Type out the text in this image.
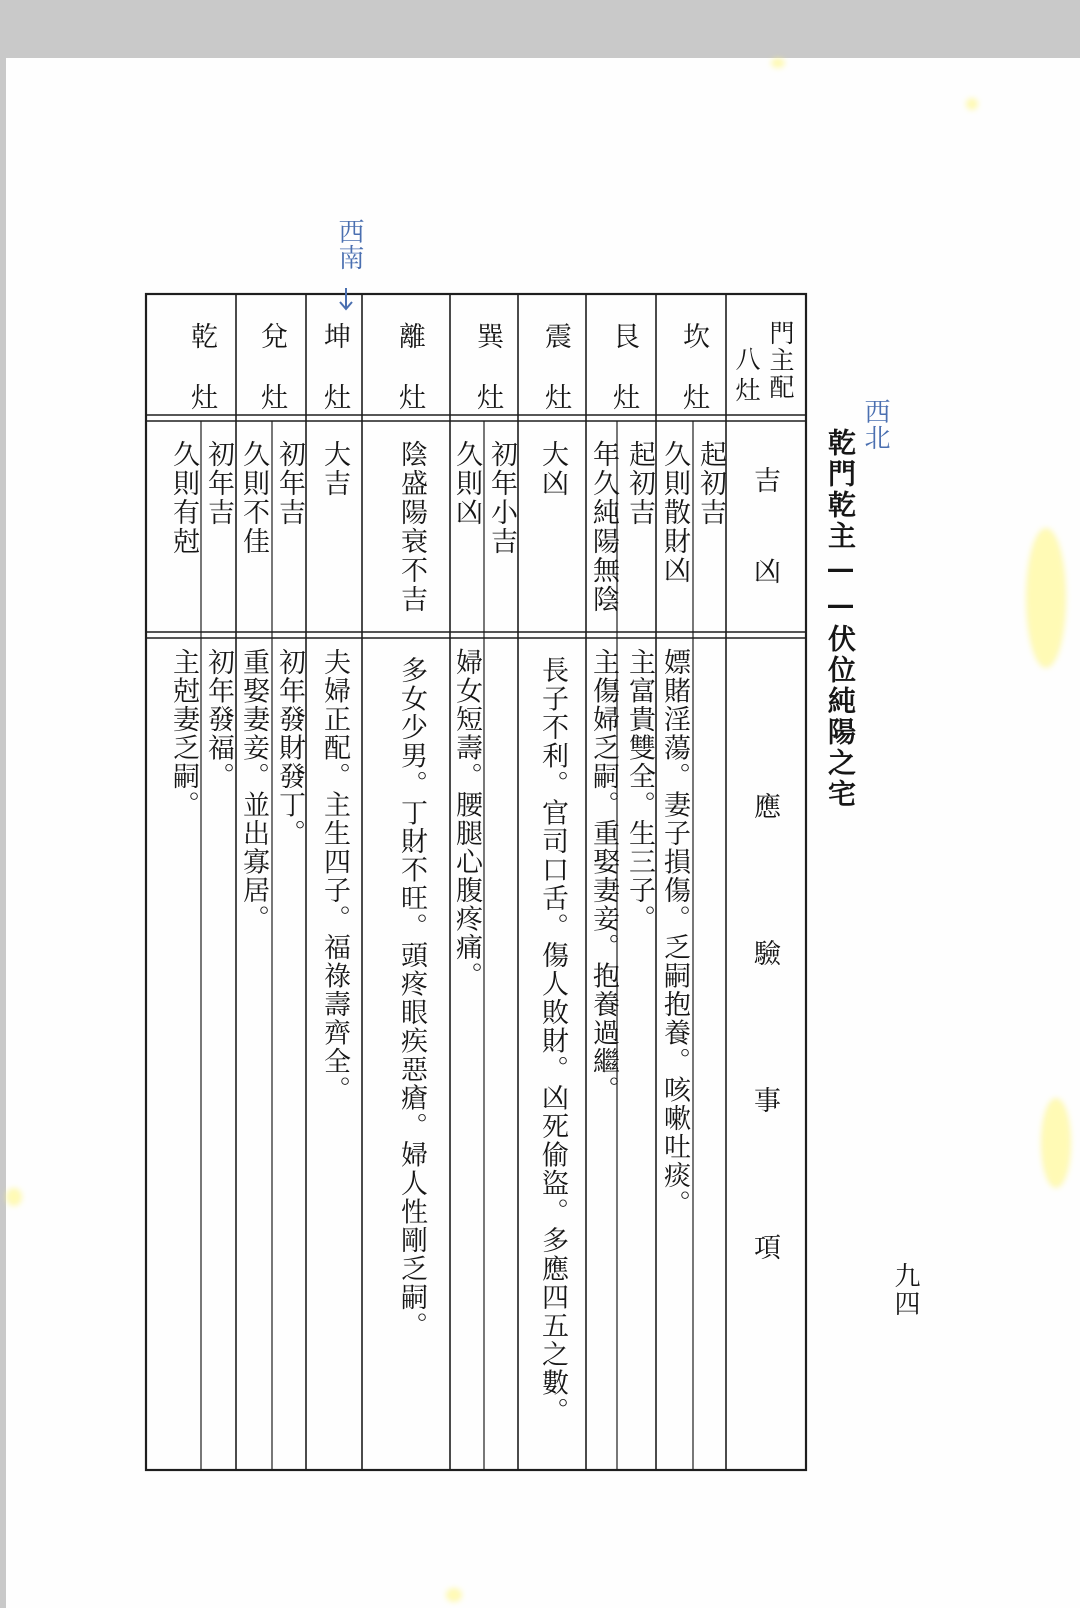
乾門乾主——伏位純陽之宅
九四
西北
西南
門主配
八灶
吉凶
應驗事項
坎灶
艮灶
震灶
巽灶
離灶
坤灶
兌灶
乾灶
起初吉
久則散財凶
起初吉
年久純陽無陰
大凶
初年小吉
久則凶
陰盛陽衰不吉
大吉
初年吉
久則不佳
初年吉
久則有尅
嫖賭淫蕩。妻子損傷。乏嗣抱養。咳嗽吐痰。
主富貴雙全。生三子。
主傷婦乏嗣。重娶妻妾。抱養過繼。
長子不利。官司口舌。傷人敗財。凶死偷盜。多應四五之數。
婦女短壽。腰腿心腹疼痛。
多女少男。丁財不旺。頭疼眼疾惡瘡。婦人性剛乏嗣。
夫婦正配。主生四子。福祿壽齊全。
初年發財發丁。
重娶妻妾。並出寡居。
初年發福。
主尅妻乏嗣。
